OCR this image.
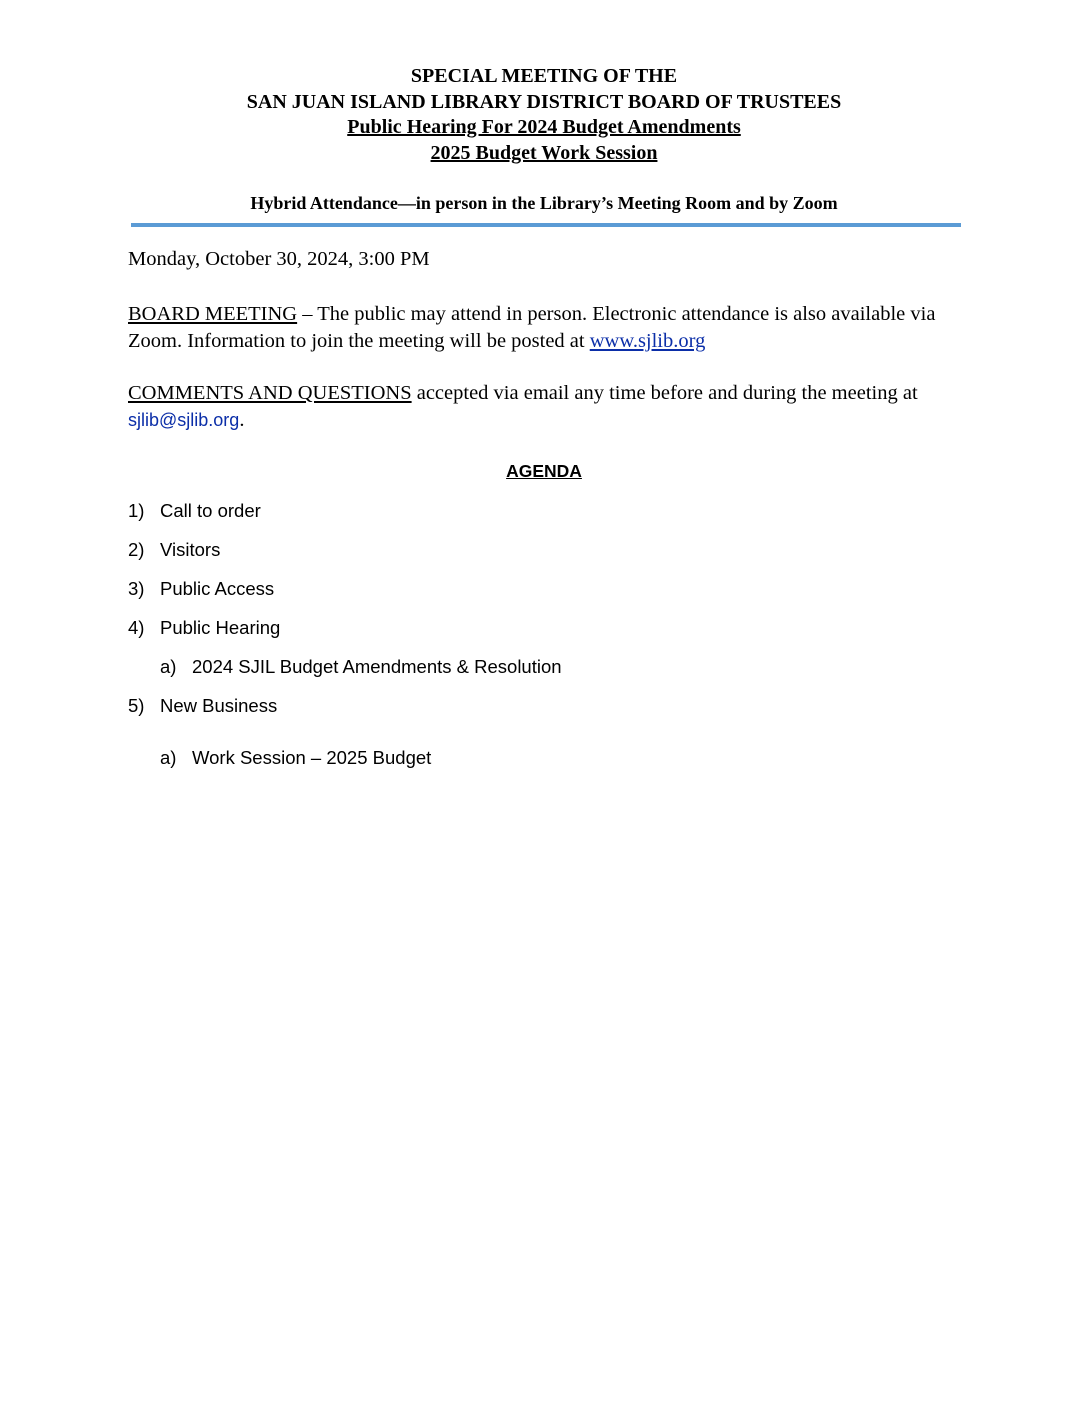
SPECIAL MEETING OF THE
SAN JUAN ISLAND LIBRARY DISTRICT BOARD OF TRUSTEES
Public Hearing For 2024 Budget Amendments
2025 Budget Work Session
Hybrid Attendance—in person in the Library’s Meeting Room and by Zoom
Monday, October 30, 2024, 3:00 PM
BOARD MEETING – The public may attend in person. Electronic attendance is also available via Zoom. Information to join the meeting will be posted at www.sjlib.org
COMMENTS AND QUESTIONS accepted via email any time before and during the meeting at sjlib@sjlib.org.
AGENDA
1) Call to order
2) Visitors
3) Public Access
4) Public Hearing
a) 2024 SJIL Budget Amendments & Resolution
5) New Business
a) Work Session – 2025 Budget
